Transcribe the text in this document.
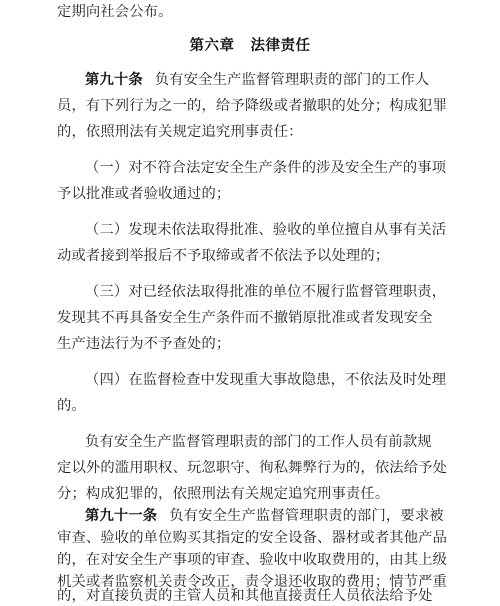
定期向社会公布。
第六章 法律责任
第九十条 负有安全生产监督管理职责的部门的工作人
员，有下列行为之一的，给予降级或者撤职的处分；构成犯罪
的，依照刑法有关规定追究刑事责任：
（一）对不符合法定安全生产条件的涉及安全生产的事项
予以批准或者验收通过的；
（二）发现未依法取得批准、验收的单位擅自从事有关活
动或者接到举报后不予取缔或者不依法予以处理的；
（三）对已经依法取得批准的单位不履行监督管理职责，
发现其不再具备安全生产条件而不撤销原批准或者发现安全
生产违法行为不予查处的；
（四）在监督检查中发现重大事故隐患，不依法及时处理
的。
负有安全生产监督管理职责的部门的工作人员有前款规
定以外的滥用职权、玩忽职守、徇私舞弊行为的，依法给予处
分；构成犯罪的，依照刑法有关规定追究刑事责任。
第九十一条 负有安全生产监督管理职责的部门，要求被
审查、验收的单位购买其指定的安全设备、器材或者其他产品
的，在对安全生产事项的审查、验收中收取费用的，由其上级
机关或者监察机关责令改正，责令退还收取的费用；情节严重
的，对直接负责的主管人员和其他直接责任人员依法给予处
